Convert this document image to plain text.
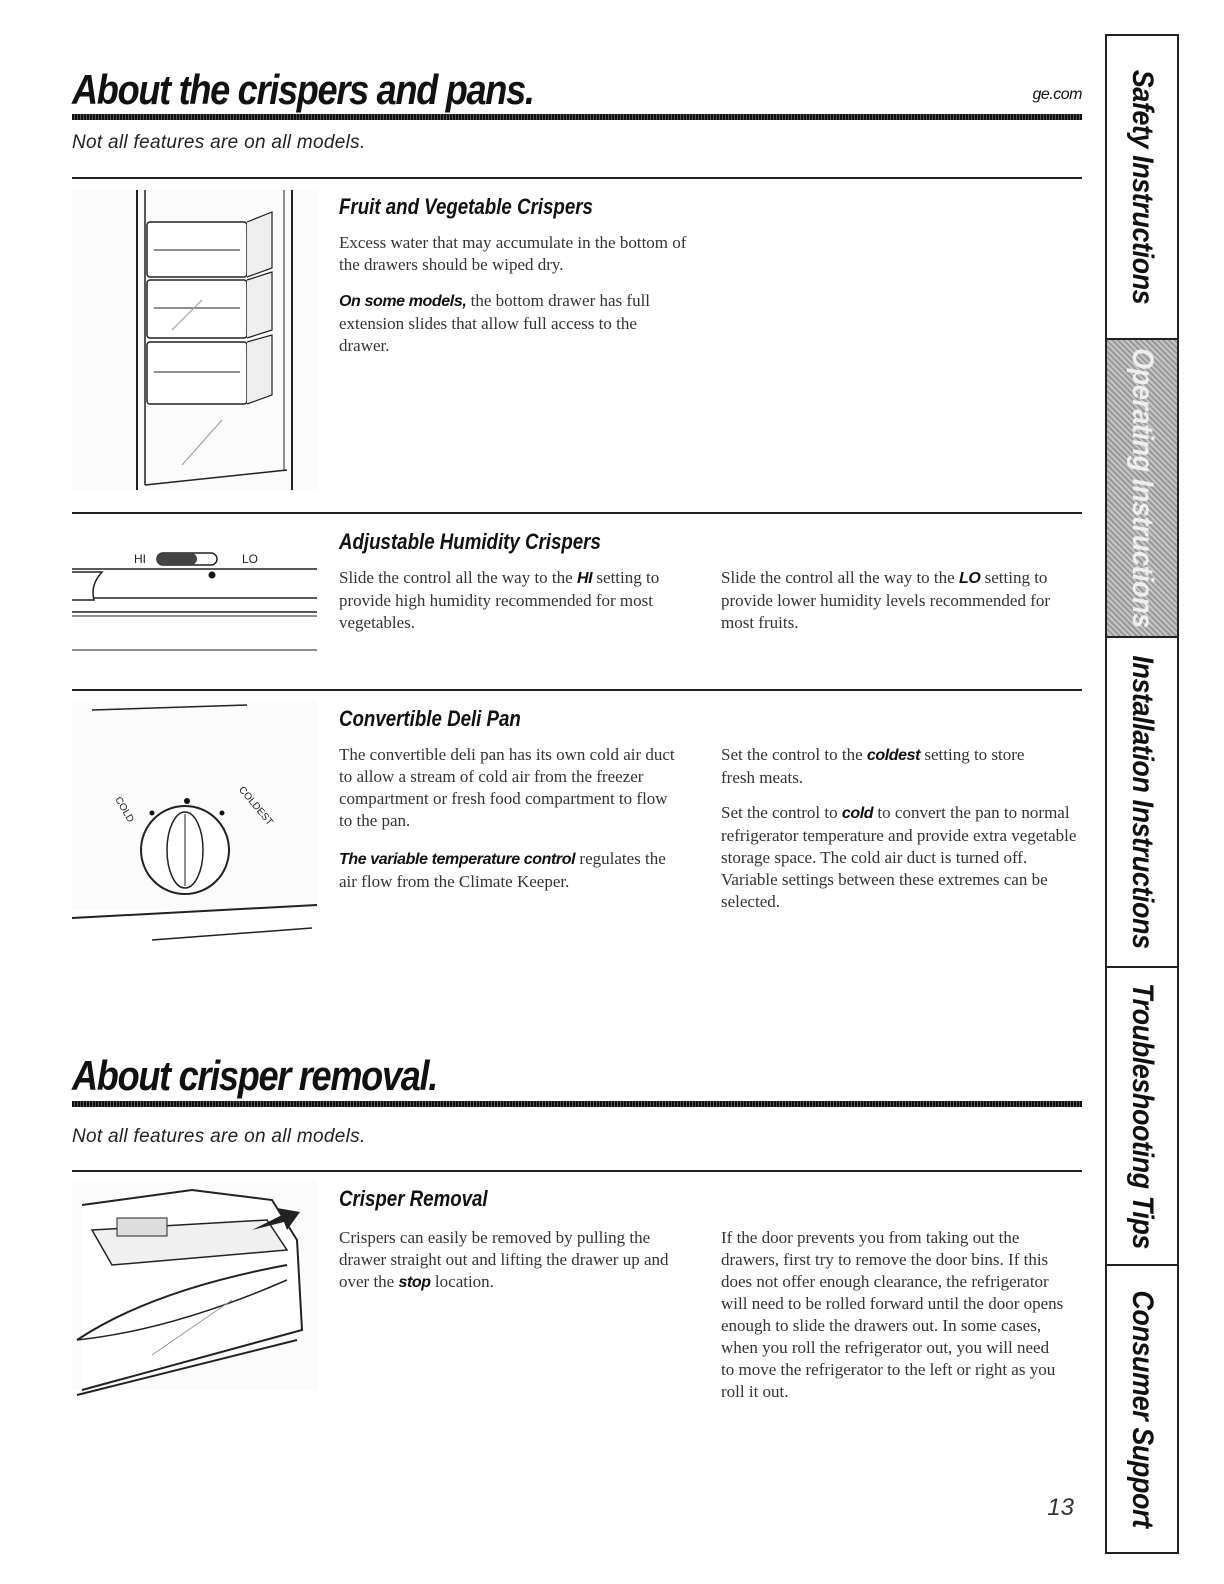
About the crispers and pans.	ge.com
Not all features are on all models.
Fruit and Vegetable Crispers

Excess water that may accumulate in the bottom of the drawers should be wiped dry.

On some models, the bottom drawer has full extension slides that allow full access to the drawer.

HI	LO
Adjustable Humidity Crispers

Slide the control all the way to the HI setting to provide high humidity recommended for most vegetables.

Slide the control all the way to the LO setting to provide lower humidity levels recommended for most fruits.

COLD	COLDEST
Convertible Deli Pan

The convertible deli pan has its own cold air duct to allow a stream of cold air from the freezer compartment or fresh food compartment to flow to the pan.

The variable temperature control regulates the air flow from the Climate Keeper.

Set the control to the coldest setting to store fresh meats.

Set the control to cold to convert the pan to normal refrigerator temperature and provide extra vegetable storage space. The cold air duct is turned off. Variable settings between these extremes can be selected.

About crisper removal.
Not all features are on all models.
Crisper Removal

Crispers can easily be removed by pulling the drawer straight out and lifting the drawer up and over the stop location.

If the door prevents you from taking out the drawers, first try to remove the door bins. If this does not offer enough clearance, the refrigerator will need to be rolled forward until the door opens enough to slide the drawers out. In some cases, when you roll the refrigerator out, you will need to move the refrigerator to the left or right as you roll it out.

13
Safety Instructions
Operating Instructions
Installation Instructions
Troubleshooting Tips
Consumer Support
